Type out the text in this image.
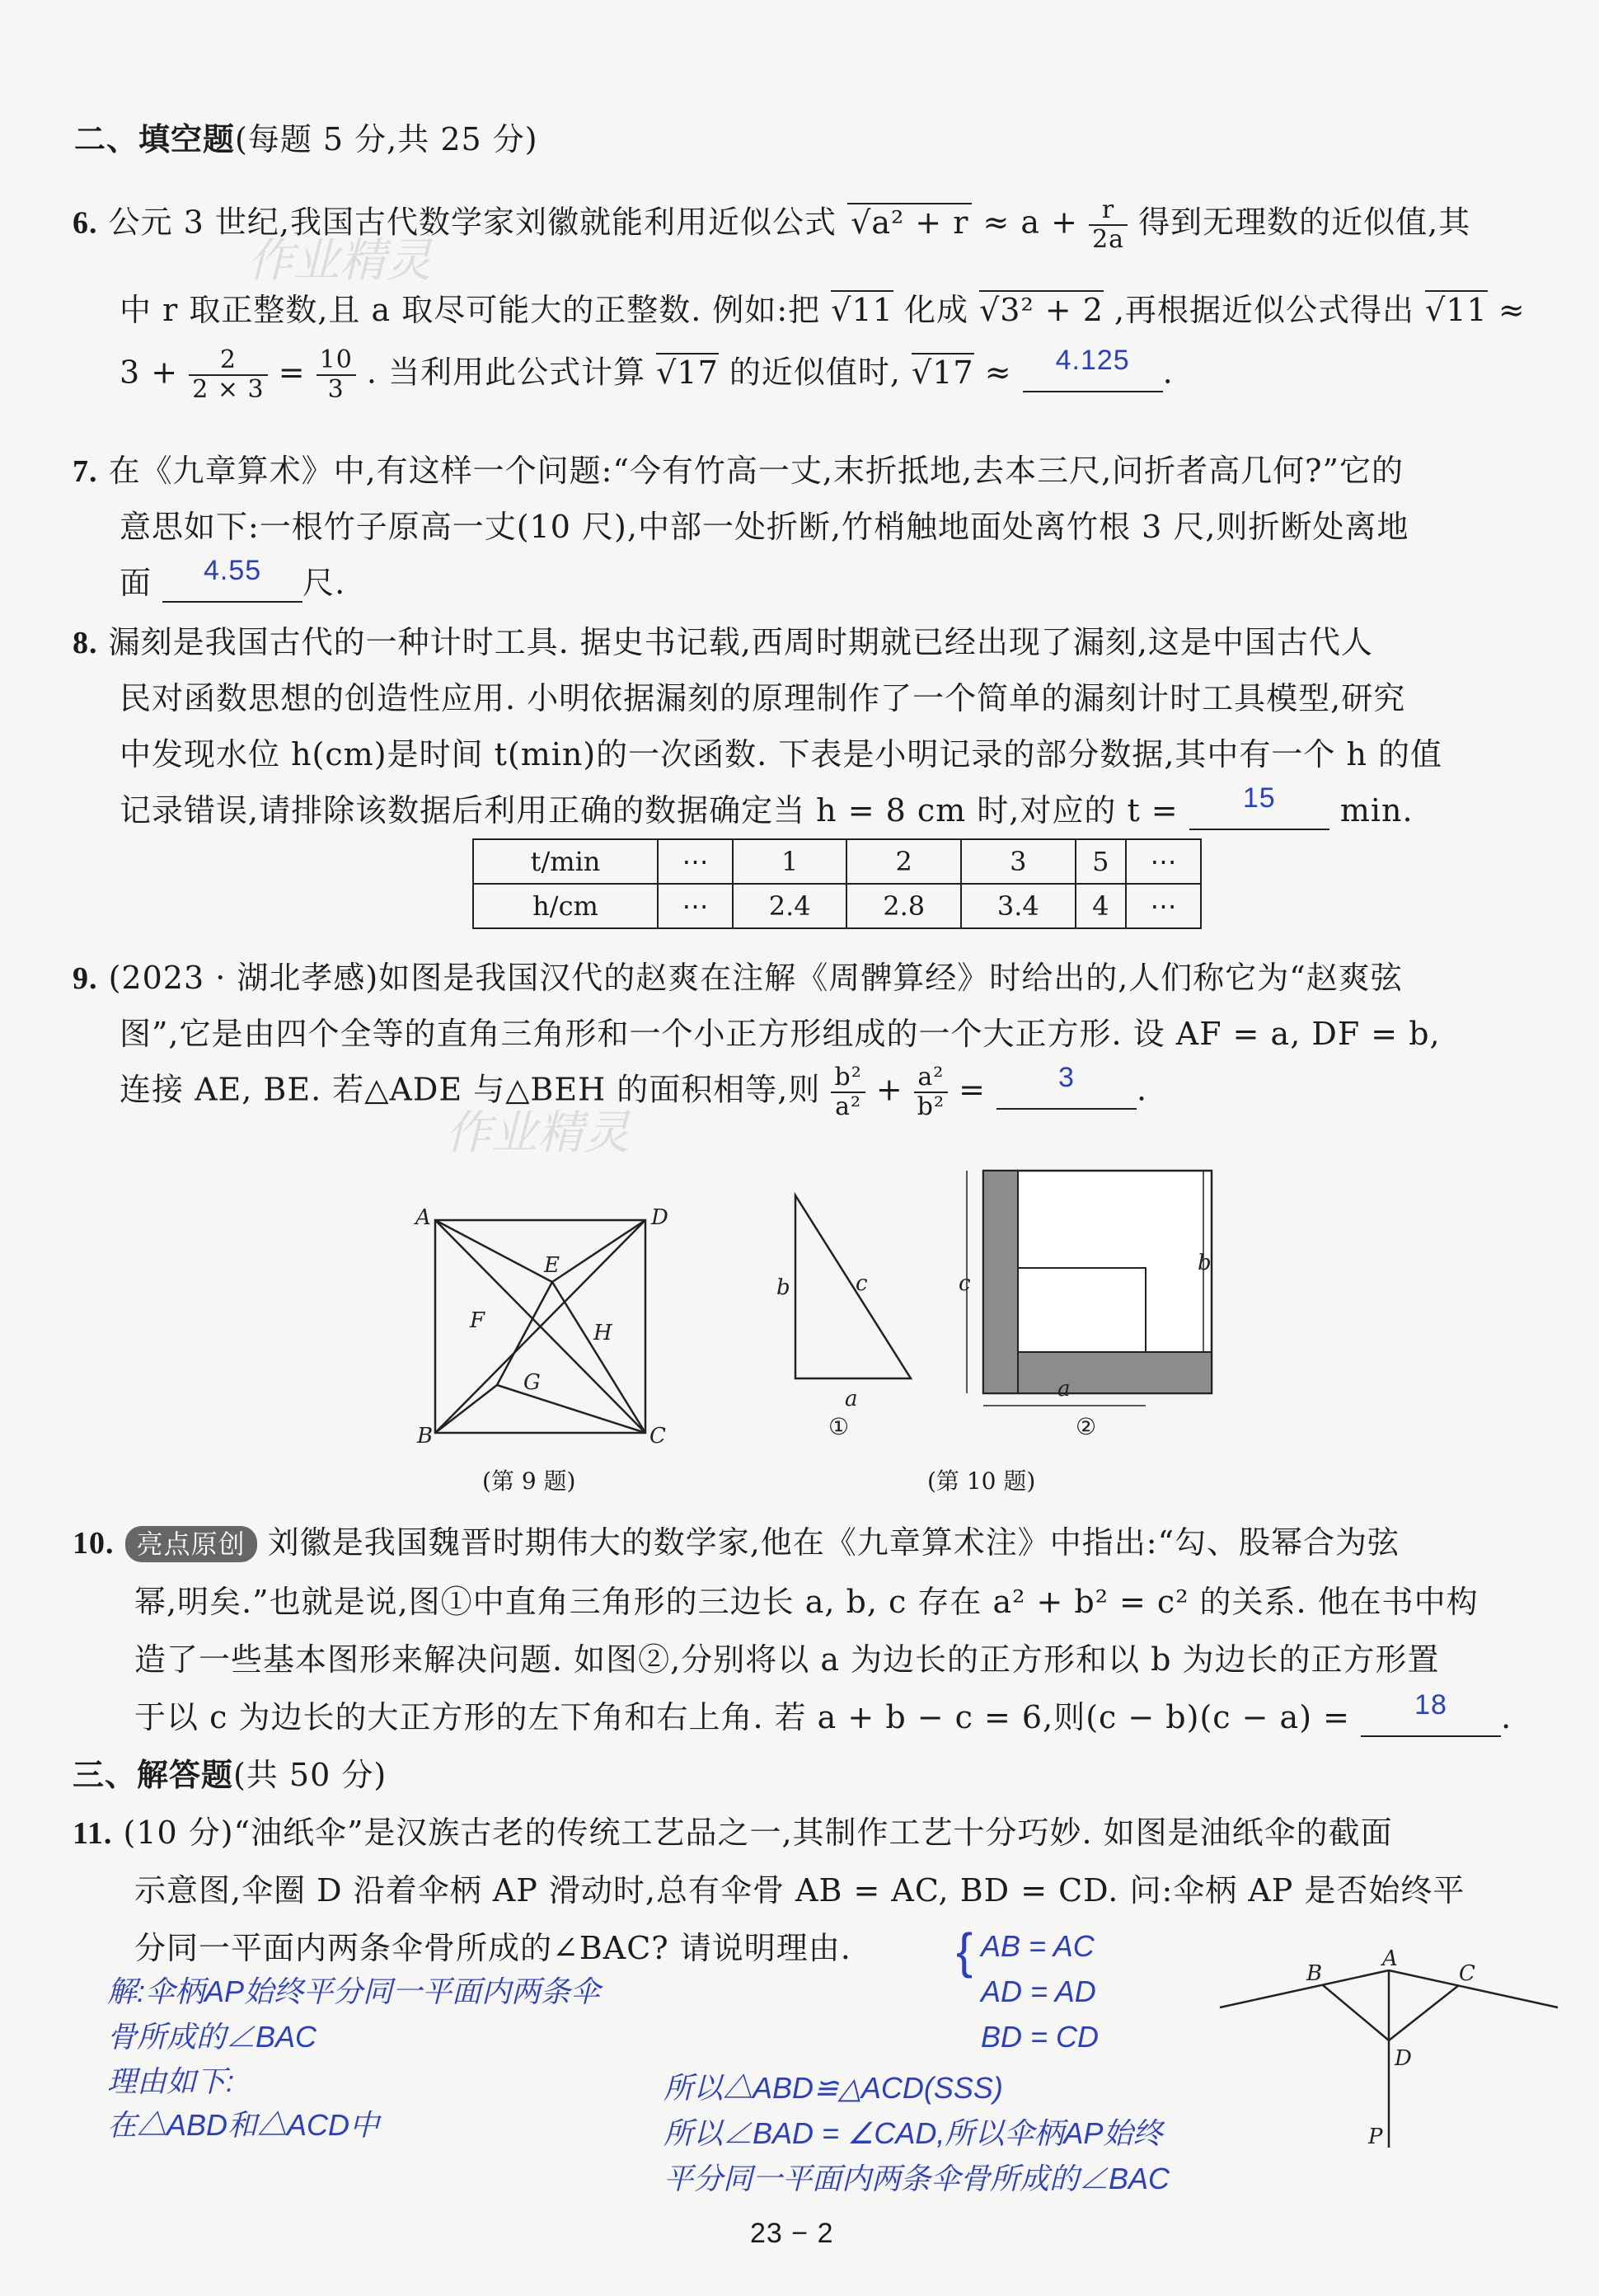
作业精灵
作业精灵
二、填空题(每题 5 分,共 25 分)
6. 公元 3 世纪,我国古代数学家刘徽就能利用近似公式 $√a^2 + r \approx a + \frac{r}{2a}$ 得到无理数的近似值,其
中 r 取正整数,且 a 取尽可能大的正整数. 例如:把 √11 化成 √3² + 2 ,再根据近似公式得出 √11 ≈
$3 + \frac{2}{2 \times 3} = \frac{10}{3}$ . 当利用此公式计算 √17 的近似值时, √17 ≈	4.125	.
7. 在《九章算术》中,有这样一个问题:“今有竹高一丈,末折抵地,去本三尺,问折者高几何?”它的
意思如下:一根竹子原高一丈(10 尺),中部一处折断,竹梢触地面处离竹根 3 尺,则折断处离地
面	4.55	尺.
8. 漏刻是我国古代的一种计时工具. 据史书记载,西周时期就已经出现了漏刻,这是中国古代人
民对函数思想的创造性应用. 小明依据漏刻的原理制作了一个简单的漏刻计时工具模型,研究
中发现水位 h(cm)是时间 t(min)的一次函数. 下表是小明记录的部分数据,其中有一个 h 的值
记录错误,请排除该数据后利用正确的数据确定当 h = 8 cm 时,对应的 t =	15	min.
t/min	⋯	1	2	3	5	⋯
h/cm	⋯	2.4	2.8	3.4	4	⋯
9. (2023 · 湖北孝感)如图是我国汉代的赵爽在注解《周髀算经》时给出的,人们称它为“赵爽弦
图”,它是由四个全等的直角三角形和一个小正方形组成的一个大正方形. 设 AF = a, DF = b,
连接 AE, BE. 若△ADE 与△BEH 的面积相等,则 $\frac{\text{b²}}{\text{a²}} + \frac{\text{a²}}{\text{b²}}$ =	3	.
A	D
E
F	H
G
B	C
(第 9 题)
b	c
a
①
c
b
a
②
(第 10 题)
10. 亮点原创 刘徽是我国魏晋时期伟大的数学家,他在《九章算术注》中指出:“勾、股幂合为弦
幂,明矣.”也就是说,图①中直角三角形的三边长 a, b, c 存在 a² + b² = c² 的关系. 他在书中构
造了一些基本图形来解决问题. 如图②,分别将以 a 为边长的正方形和以 b 为边长的正方形置
于以 c 为边长的大正方形的左下角和右上角. 若 a + b − c = 6,则(c − b)(c − a) =	18	.
三、解答题(共 50 分)
11. (10 分)“油纸伞”是汉族古老的传统工艺品之一,其制作工艺十分巧妙. 如图是油纸伞的截面
示意图,伞圈 D 沿着伞柄 AP 滑动时,总有伞骨 AB = AC, BD = CD. 问:伞柄 AP 是否始终平
分同一平面内两条伞骨所成的∠BAC? 请说明理由.
解:伞柄AP始终平分同一平面内两条伞
骨所成的∠BAC
理由如下:
在△ABD和△ACD中
{ AB = AC
AD = AD
BD = CD
所以△ABD≌△ACD(SSS)
所以∠BAD = ∠CAD,所以伞柄AP始终
平分同一平面内两条伞骨所成的∠BAC
A
B	C
D
P
23 − 2
